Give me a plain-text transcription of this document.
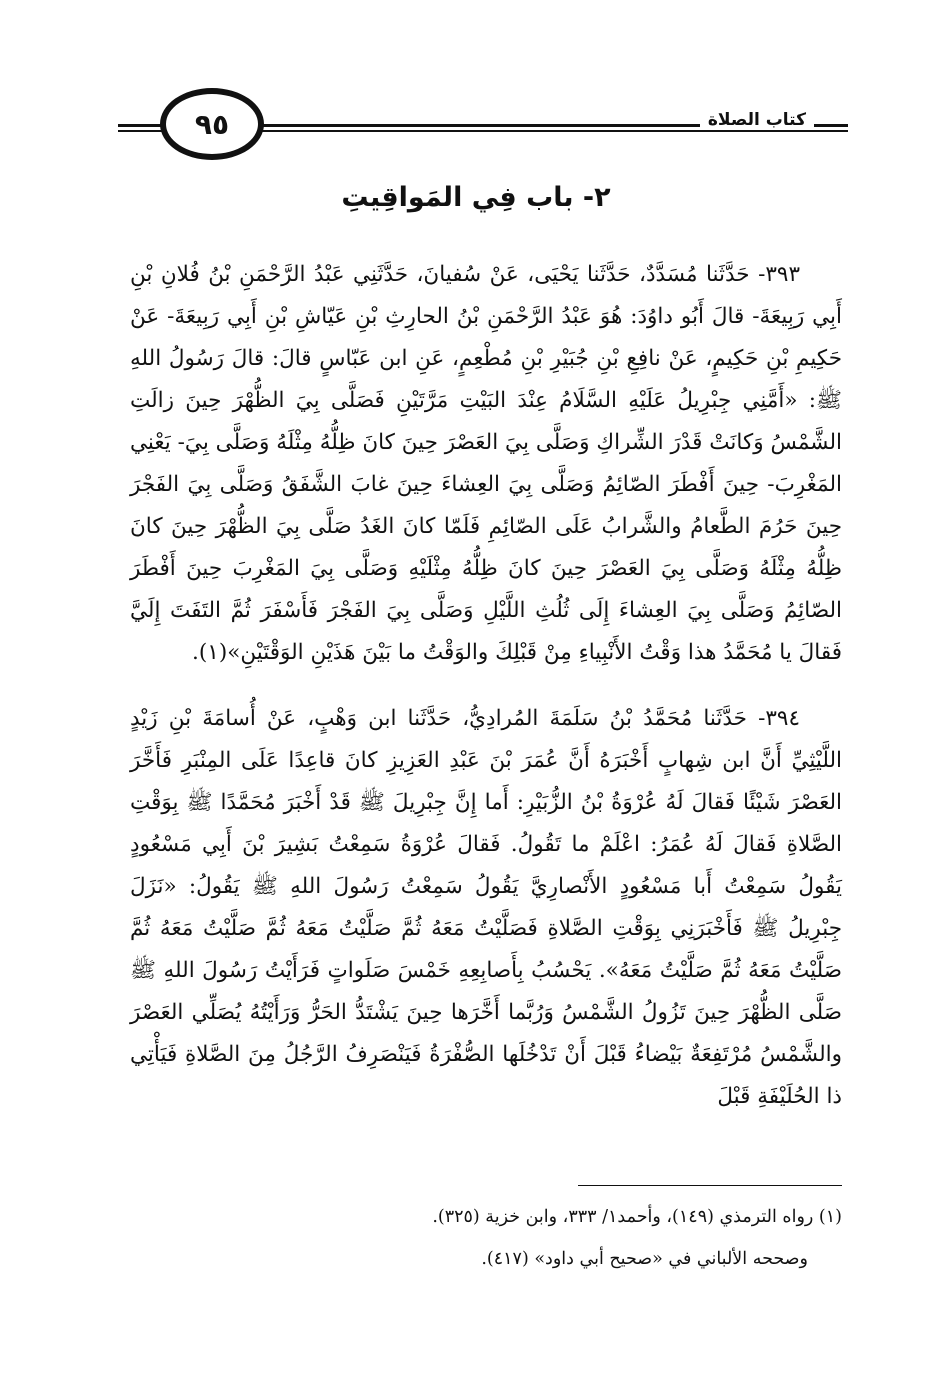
٩٥	كتاب الصلاة
٢- باب فِي المَواقِيتِ

٣٩٣- حَدَّثَنا مُسَدَّدٌ، حَدَّثَنا يَحْيَى، عَنْ سُفيانَ، حَدَّثَنِي عَبْدُ الرَّحْمَنِ بْنُ فُلانِ بْنِ أَبِي رَبِيعَةَ- قالَ أَبُو داوُدَ: هُوَ عَبْدُ الرَّحْمَنِ بْنُ الحارِثِ بْنِ عَيّاشِ بْنِ أَبِي رَبِيعَةَ- عَنْ حَكِيمِ بْنِ حَكِيمٍ، عَنْ نافِعِ بْنِ جُبَيْرِ بْنِ مُطْعِمٍ، عَنِ ابن عَبّاسٍ قالَ: قالَ رَسُولُ اللهِ ﷺ: «أَمَّنِي جِبْرِيلُ عَلَيْهِ السَّلَامُ عِنْدَ البَيْتِ مَرَّتَيْنِ فَصَلَّى بِيَ الظُّهْرَ حِينَ زالَتِ الشَّمْسُ وَكانَتْ قَدْرَ الشِّراكِ وَصَلَّى بِيَ العَصْرَ حِينَ كانَ ظِلُّهُ مِثْلَهُ وَصَلَّى بِيَ- يَعْنِي المَغْرِبَ- حِينَ أَفْطَرَ الصّائِمُ وَصَلَّى بِيَ العِشاءَ حِينَ غابَ الشَّفَقُ وَصَلَّى بِيَ الفَجْرَ حِينَ حَرُمَ الطَّعامُ والشَّرابُ عَلَى الصّائِمِ فَلَمّا كانَ الغَدُ صَلَّى بِيَ الظُّهْرَ حِينَ كانَ ظِلُّهُ مِثْلَهُ وَصَلَّى بِيَ العَصْرَ حِينَ كانَ ظِلُّهُ مِثْلَيْهِ وَصَلَّى بِيَ المَغْرِبَ حِينَ أَفْطَرَ الصّائِمُ وَصَلَّى بِيَ العِشاءَ إِلَى ثُلُثِ اللَّيْلِ وَصَلَّى بِيَ الفَجْرَ فَأَسْفَرَ ثُمَّ التَفَتَ إِلَيَّ فَقالَ يا مُحَمَّدُ هذا وَقْتُ الأَنْبِياءِ مِنْ قَبْلِكَ والوَقْتُ ما بَيْنَ هَذَيْنِ الوَقْتَيْنِ»(١).

٣٩٤- حَدَّثَنا مُحَمَّدُ بْنُ سَلَمَةَ المُرادِيُّ، حَدَّثَنا ابن وَهْبٍ، عَنْ أُسامَةَ بْنِ زَيْدٍ اللَّيْثِيِّ أَنَّ ابن شِهابٍ أَخْبَرَهُ أَنَّ عُمَرَ بْنَ عَبْدِ العَزِيزِ كانَ قاعِدًا عَلَى المِنْبَرِ فَأَخَّرَ العَصْرَ شَيْئًا فَقالَ لَهُ عُرْوَةُ بْنُ الزُّبَيْرِ: أَما إِنَّ جِبْرِيلَ ﷺ قَدْ أَخْبَرَ مُحَمَّدًا ﷺ بِوَقْتِ الصَّلاةِ فَقالَ لَهُ عُمَرُ: اعْلَمْ ما تَقُولُ. فَقالَ عُرْوَةُ سَمِعْتُ بَشِيرَ بْنَ أَبِي مَسْعُودٍ يَقُولُ سَمِعْتُ أَبا مَسْعُودٍ الأَنْصارِيَّ يَقُولُ سَمِعْتُ رَسُولَ اللهِ ﷺ يَقُولُ: «نَزَلَ جِبْرِيلُ ﷺ فَأَخْبَرَنِي بِوَقْتِ الصَّلاةِ فَصَلَّيْتُ مَعَهُ ثُمَّ صَلَّيْتُ مَعَهُ ثُمَّ صَلَّيْتُ مَعَهُ ثُمَّ صَلَّيْتُ مَعَهُ ثُمَّ صَلَّيْتُ مَعَهُ». يَحْسُبُ بِأَصابِعِهِ خَمْسَ صَلَواتٍ فَرَأَيْتُ رَسُولَ اللهِ ﷺ صَلَّى الظُّهْرَ حِينَ تَزُولُ الشَّمْسُ وَرُبَّما أَخَّرَها حِينَ يَشْتَدُّ الحَرُّ وَرَأَيْتُهُ يُصَلِّي العَصْرَ والشَّمْسُ مُرْتَفِعَةٌ بَيْضاءُ قَبْلَ أَنْ تَدْخُلَها الصُّفْرَةُ فَيَنْصَرِفُ الرَّجُلُ مِنَ الصَّلاةِ فَيَأْتِي ذا الحُلَيْفَةِ قَبْلَ

(١) رواه الترمذي (١٤٩)، وأحمد١/ ٣٣٣، وابن خزية (٣٢٥).

وصححه الألباني في «صحيح أبي داود» (٤١٧).
